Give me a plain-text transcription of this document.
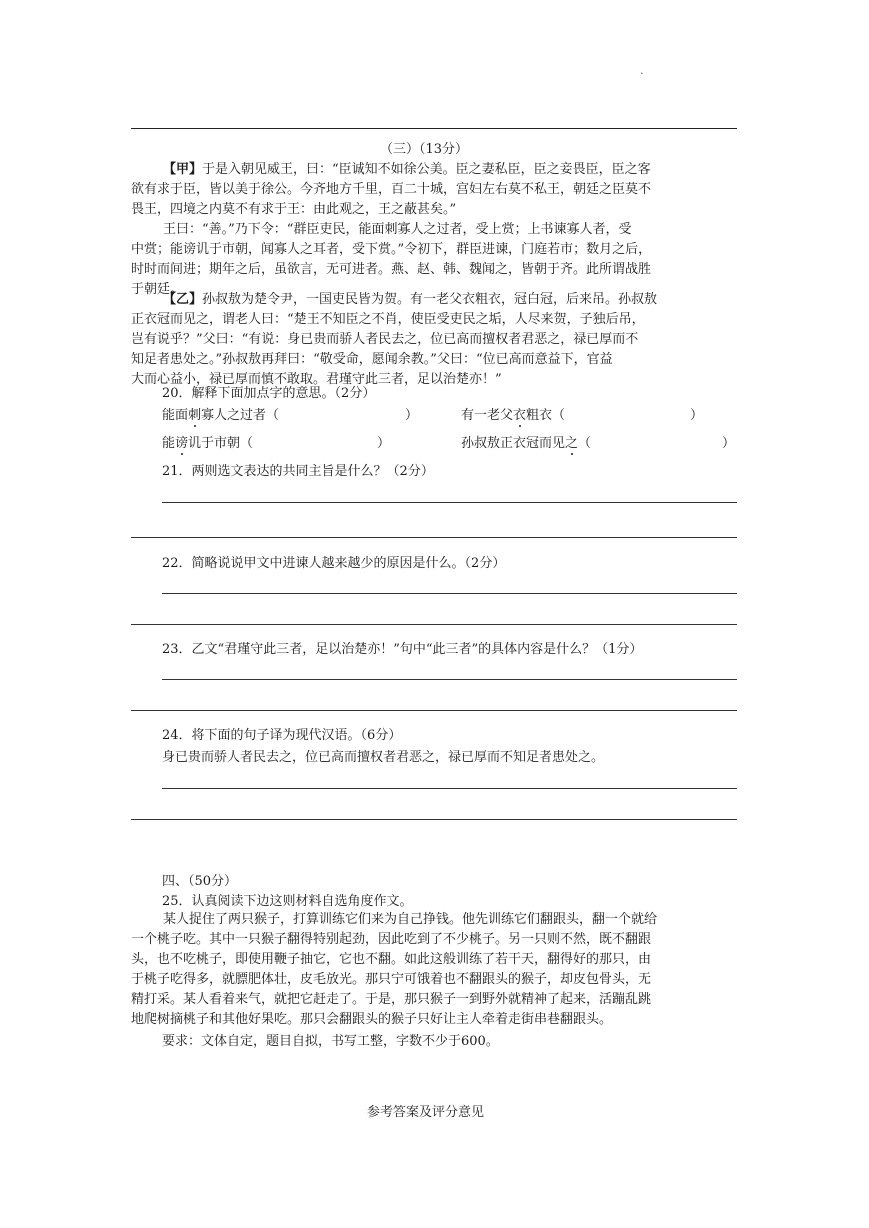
.
（三）（13分）
【甲】于是入朝见威王，曰：“臣诚知不如徐公美。臣之妻私臣，臣之妾畏臣，臣之客
欲有求于臣，皆以美于徐公。今齐地方千里，百二十城，宫妇左右莫不私王，朝廷之臣莫不
畏王，四境之内莫不有求于王：由此观之，王之蔽甚矣。”
王曰：“善。”乃下令：“群臣吏民，能面刺寡人之过者，受上赏；上书谏寡人者，受
中赏；能谤讥于市朝，闻寡人之耳者，受下赏。”令初下，群臣进谏，门庭若市；数月之后，
时时而间进；期年之后，虽欲言，无可进者。燕、赵、韩、魏闻之，皆朝于齐。此所谓战胜
于朝廷。
【乙】孙叔敖为楚令尹，一国吏民皆为贺。有一老父衣粗衣，冠白冠，后来吊。孙叔敖
正衣冠而见之，谓老人曰：“楚王不知臣之不肖，使臣受吏民之垢，人尽来贺，子独后吊，
岂有说乎？”父曰：“有说：身已贵而骄人者民去之，位已高而擅权者君恶之，禄已厚而不
知足者患处之。”孙叔敖再拜曰：“敬受命，愿闻余教。”父曰：“位已高而意益下，官益
大而心益小，禄已厚而慎不敢取。君瑾守此三者，足以治楚亦！”
20．解释下面加点字的意思。（2分）
能面刺寡人之过者（	）	有一老父衣粗衣（	）
能谤讥于市朝（	）	孙叔敖正衣冠而见之（	）
21．两则选文表达的共同主旨是什么？（2分）
22．简略说说甲文中进谏人越来越少的原因是什么。（2分）
23．乙文“君瑾守此三者，足以治楚亦！”句中“此三者”的具体内容是什么？（1分）
24．将下面的句子译为现代汉语。（6分）
身已贵而骄人者民去之，位已高而擅权者君恶之，禄已厚而不知足者患处之。
四、（50分）
25．认真阅读下边这则材料自选角度作文。
某人捉住了两只猴子，打算训练它们来为自己挣钱。他先训练它们翻跟头，翻一个就给
一个桃子吃。其中一只猴子翻得特别起劲，因此吃到了不少桃子。另一只则不然，既不翻跟
头，也不吃桃子，即使用鞭子抽它，它也不翻。如此这般训练了若干天，翻得好的那只，由
于桃子吃得多，就膘肥体壮，皮毛放光。那只宁可饿着也不翻跟头的猴子，却皮包骨头，无
精打采。某人看着来气，就把它赶走了。于是，那只猴子一到野外就精神了起来，活蹦乱跳
地爬树摘桃子和其他好果吃。那只会翻跟头的猴子只好让主人牵着走街串巷翻跟头。
要求：文体自定，题目自拟，书写工整，字数不少于600。
参考答案及评分意见
